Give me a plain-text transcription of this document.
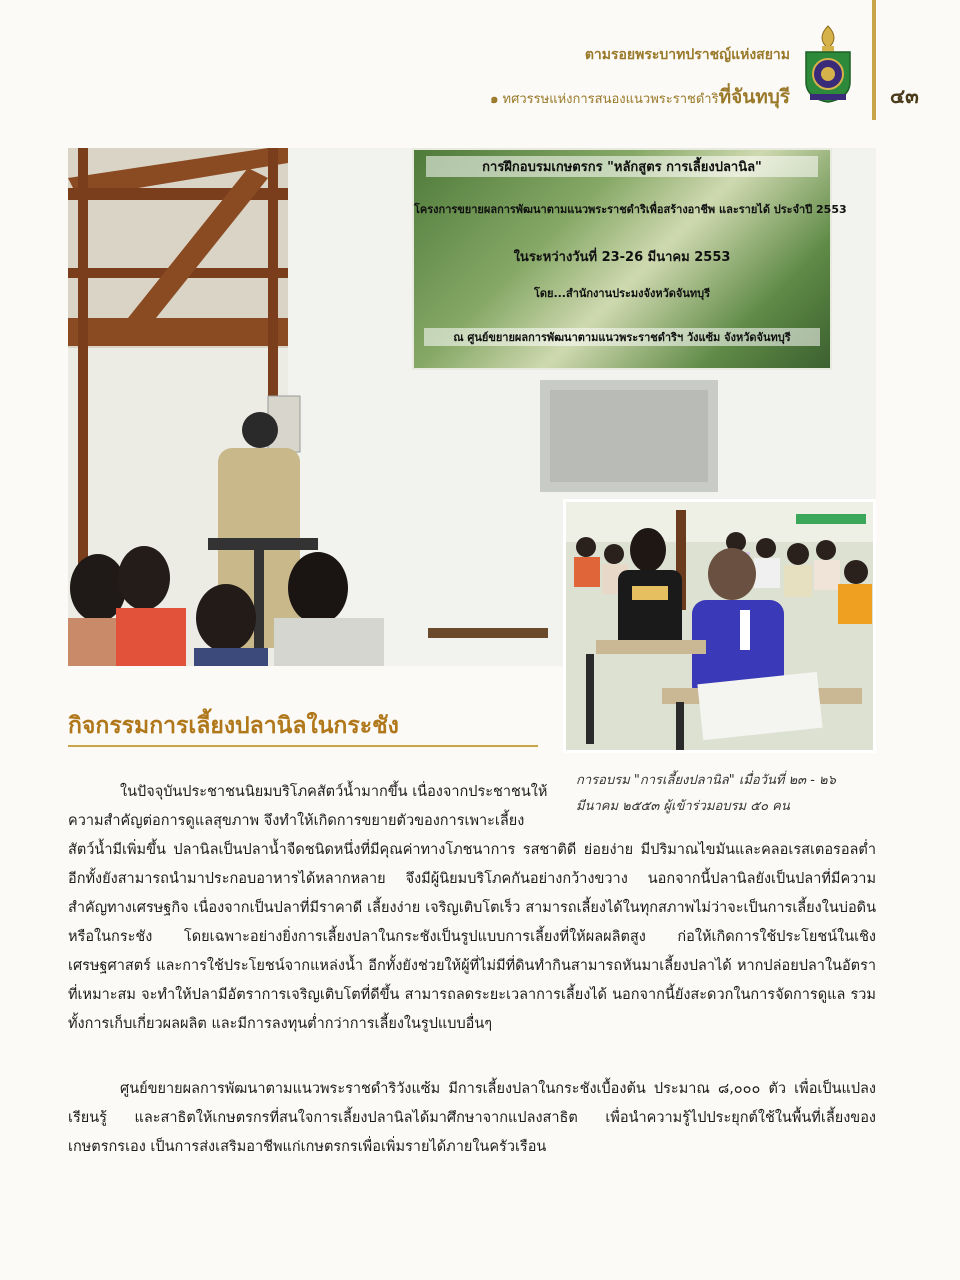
ตามรอยพระบาทปราชญ์แห่งสยาม
๑ ทศวรรษแห่งการสนองแนวพระราชดำริที่จันทบุรี	๔๓
การฝึกอบรมเกษตรกร "หลักสูตร การเลี้ยงปลานิล"
โครงการขยายผลการพัฒนาตามแนวพระราชดำริเพื่อสร้างอาชีพ และรายได้ ประจำปี 2553
ในระหว่างวันที่ 23-26 มีนาคม 2553
โดย...สำนักงานประมงจังหวัดจันทบุรี
ณ ศูนย์ขยายผลการพัฒนาตามแนวพระราชดำริฯ วังแซ้ม จังหวัดจันทบุรี
การอบรม "การเลี้ยงปลานิล" เมื่อวันที่ ๒๓ - ๒๖ มีนาคม ๒๕๕๓ ผู้เข้าร่วมอบรม ๕๐ คน
กิจกรรมการเลี้ยงปลานิลในกระชัง
ในปัจจุบันประชาชนนิยมบริโภคสัตว์น้ำมากขึ้น เนื่องจากประชาชนให้
ความสำคัญต่อการดูแลสุขภาพ จึงทำให้เกิดการขยายตัวของการเพาะเลี้ยง
สัตว์น้ำมีเพิ่มขึ้น ปลานิลเป็นปลาน้ำจืดชนิดหนึ่งที่มีคุณค่าทางโภชนาการ รสชาติดี ย่อยง่าย มีปริมาณไขมันและคลอเรสเตอรอลต่ำ อีกทั้งยังสามารถนำมาประกอบอาหารได้หลากหลาย จึงมีผู้นิยมบริโภคกันอย่างกว้างขวาง นอกจากนี้ปลานิลยังเป็นปลาที่มีความสำคัญทางเศรษฐกิจ เนื่องจากเป็นปลาที่มีราคาดี เลี้ยงง่าย เจริญเติบโตเร็ว สามารถเลี้ยงได้ในทุกสภาพไม่ว่าจะเป็นการเลี้ยงในบ่อดินหรือในกระชัง โดยเฉพาะอย่างยิ่งการเลี้ยงปลาในกระชังเป็นรูปแบบการเลี้ยงที่ให้ผลผลิตสูง ก่อให้เกิดการใช้ประโยชน์ในเชิงเศรษฐศาสตร์ และการใช้ประโยชน์จากแหล่งน้ำ อีกทั้งยังช่วยให้ผู้ที่ไม่มีที่ดินทำกินสามารถหันมาเลี้ยงปลาได้ หากปล่อยปลาในอัตราที่เหมาะสม จะทำให้ปลามีอัตราการเจริญเติบโตที่ดีขึ้น สามารถลดระยะเวลาการเลี้ยงได้ นอกจากนี้ยังสะดวกในการจัดการดูแล รวมทั้งการเก็บเกี่ยวผลผลิต และมีการลงทุนต่ำกว่าการเลี้ยงในรูปแบบอื่นๆ
ศูนย์ขยายผลการพัฒนาตามแนวพระราชดำริวังแซ้ม มีการเลี้ยงปลาในกระชังเบื้องต้น ประมาณ ๘,๐๐๐ ตัว เพื่อเป็นแปลงเรียนรู้ และสาธิตให้เกษตรกรที่สนใจการเลี้ยงปลานิลได้มาศึกษาจากแปลงสาธิต เพื่อนำความรู้ไปประยุกต์ใช้ในพื้นที่เลี้ยงของเกษตรกรเอง เป็นการส่งเสริมอาชีพแก่เกษตรกรเพื่อเพิ่มรายได้ภายในครัวเรือน
